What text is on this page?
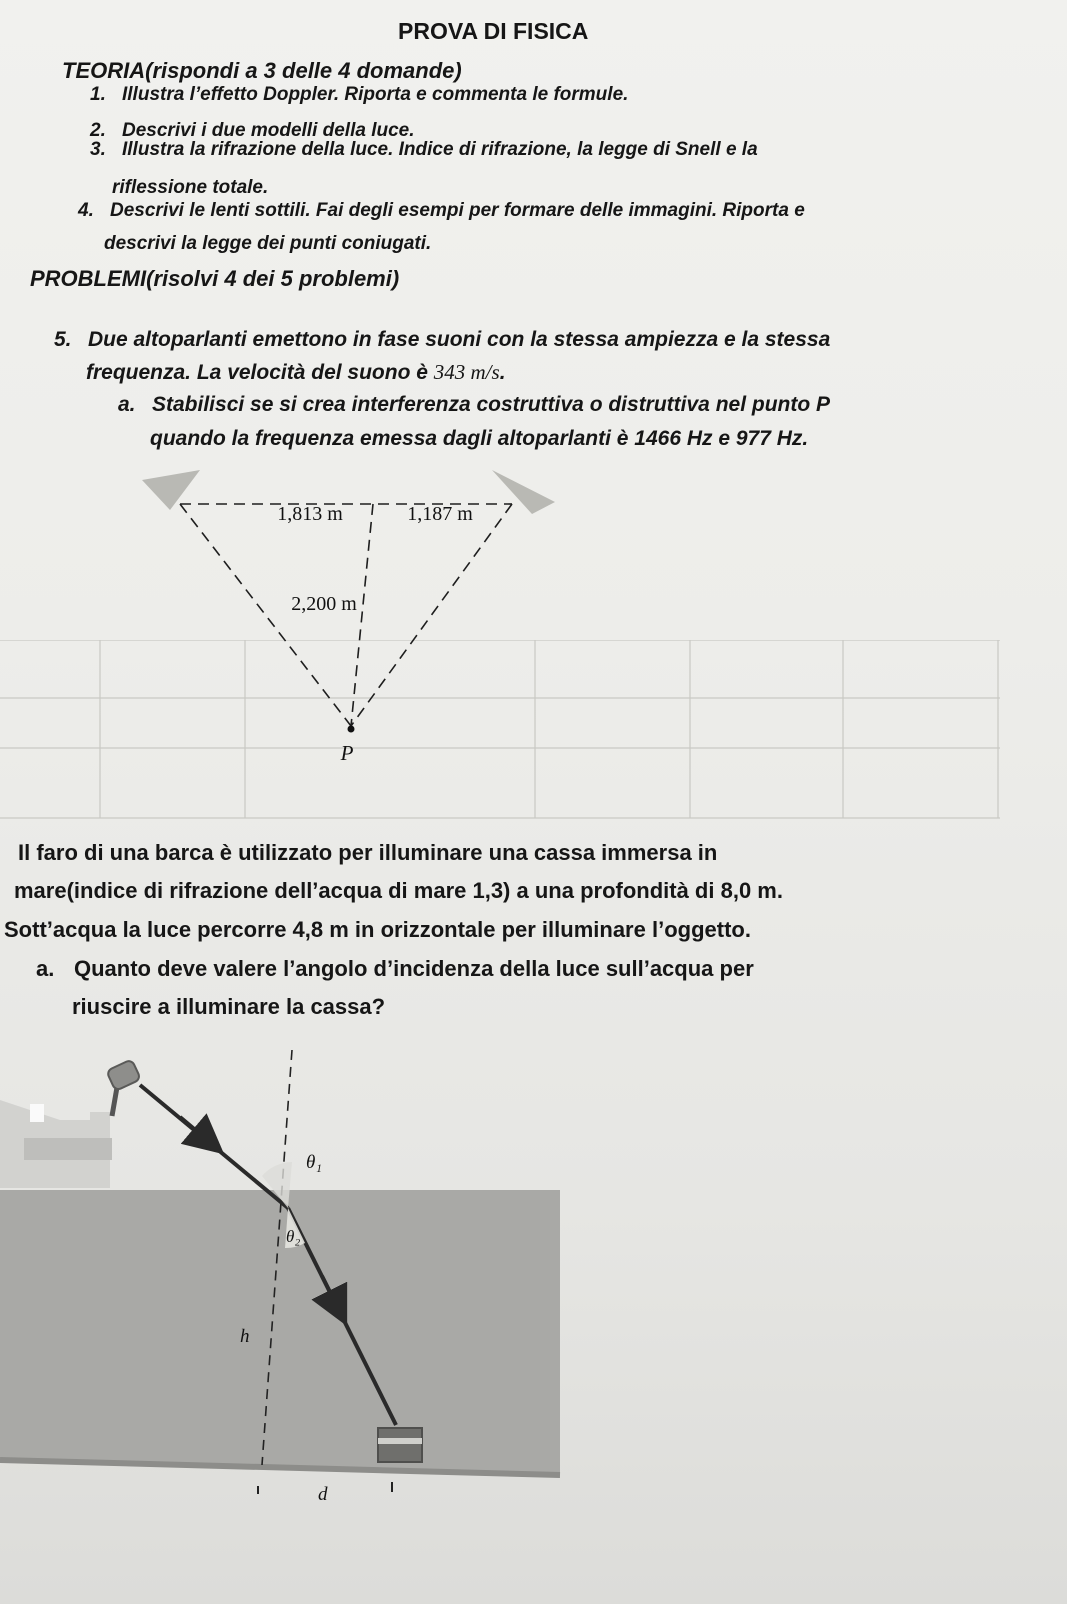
PROVA DI FISICA
TEORIA(rispondi a 3 delle 4 domande)
1. Illustra l’effetto Doppler. Riporta e commenta le formule.
2. Descrivi i due modelli della luce.
3. Illustra la rifrazione della luce. Indice di rifrazione, la legge di Snell e la
riflessione totale.
4. Descrivi le lenti sottili. Fai degli esempi per formare delle immagini. Riporta e
descrivi la legge dei punti coniugati.
PROBLEMI(risolvi 4 dei 5 problemi)
5. Due altoparlanti emettono in fase suoni con la stessa ampiezza e la stessa
frequenza. La velocità del suono è 343 m/s.
a. Stabilisci se si crea interferenza costruttiva o distruttiva nel punto P
quando la frequenza emessa dagli altoparlanti è 1466 Hz e 977 Hz.
1,813 m	1,187 m
2,200 m
P
Il faro di una barca è utilizzato per illuminare una cassa immersa in
mare(indice di rifrazione dell’acqua di mare 1,3) a una profondità di 8,0 m.
Sott’acqua la luce percorre 4,8 m in orizzontale per illuminare l’oggetto.
a. Quanto deve valere l’angolo d’incidenza della luce sull’acqua per
riuscire a illuminare la cassa?
θ₁
θ₂
h
d
